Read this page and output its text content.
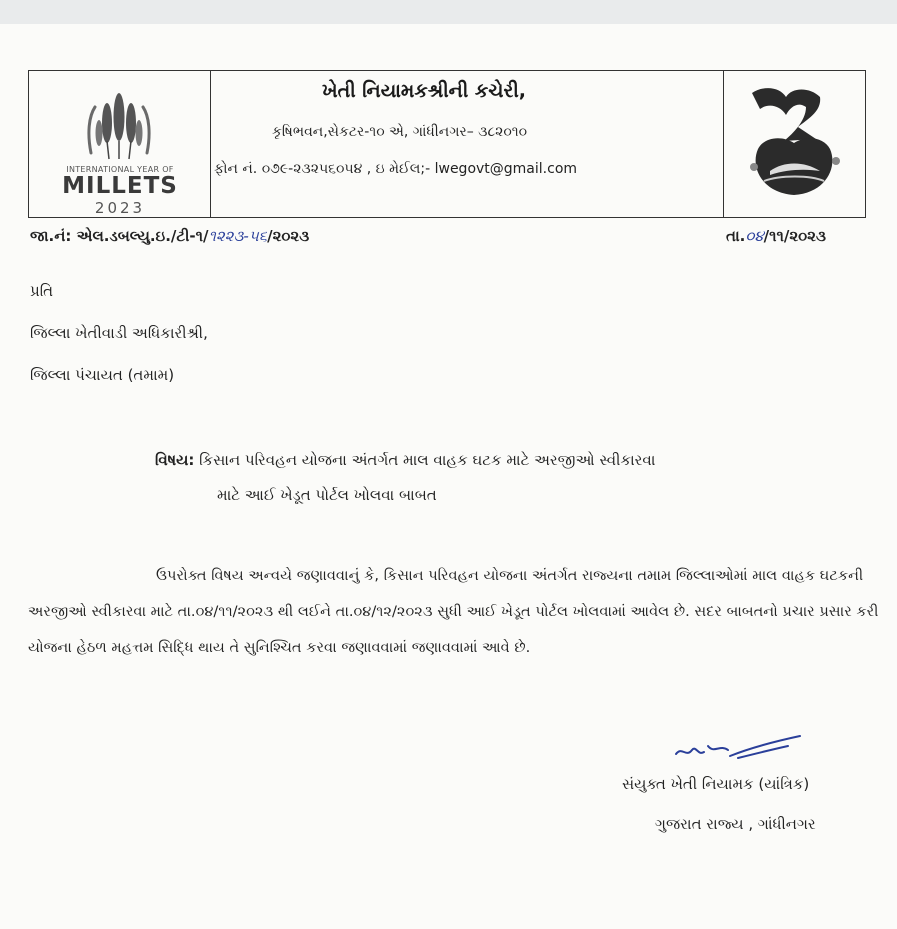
INTERNATIONAL YEAR OF
MILLETS
2023
ખેતી નિયામકશ્રીની કચેરી,
કૃષિભવન,સેકટર-૧૦ એ, ગાંધીનગર– ૩૮૨૦૧૦
ફોન નં. ૦૭૯-૨૩૨૫૬૦૫૪ , ઇ મેઈલ;- lwegovt@gmail.com
જા.નં: એલ.ડબલ્યુ.ઇ./ટી-૧/૧૨૨૩-૫૬/૨૦૨૩	તા.૦૪/૧૧/૨૦૨૩
પ્રતિ
જિલ્લા ખેતીવાડી અધિકારીશ્રી,
જિલ્લા પંચાયત (તમામ)
વિષય: કિસાન પરિવહન યોજના અંતર્ગત માલ વાહક ઘટક માટે અરજીઓ સ્વીકારવા
માટે આઈ ખેડૂત પોર્ટલ ખોલવા બાબત

ઉપરોક્ત વિષય અન્વયે જણાવવાનું કે, કિસાન પરિવહન યોજના અંતર્ગત રાજ્યના તમામ જિલ્લાઓમાં માલ વાહક ઘટકની અરજીઓ સ્વીકારવા માટે તા.૦૪/૧૧/૨૦૨૩ થી લઈને તા.૦૪/૧૨/૨૦૨૩ સુધી આઈ ખેડૂત પોર્ટલ ખોલવામાં આવેલ છે. સદર બાબતનો પ્રચાર પ્રસાર કરી યોજના હેઠળ મહત્તમ સિદ્ધિ થાય તે સુનિશ્ચિત કરવા જણાવવામાં જણાવવામાં આવે છે.

સંયુક્ત ખેતી નિયામક (યાંત્રિક)
ગુજરાત રાજ્ય , ગાંધીનગર
